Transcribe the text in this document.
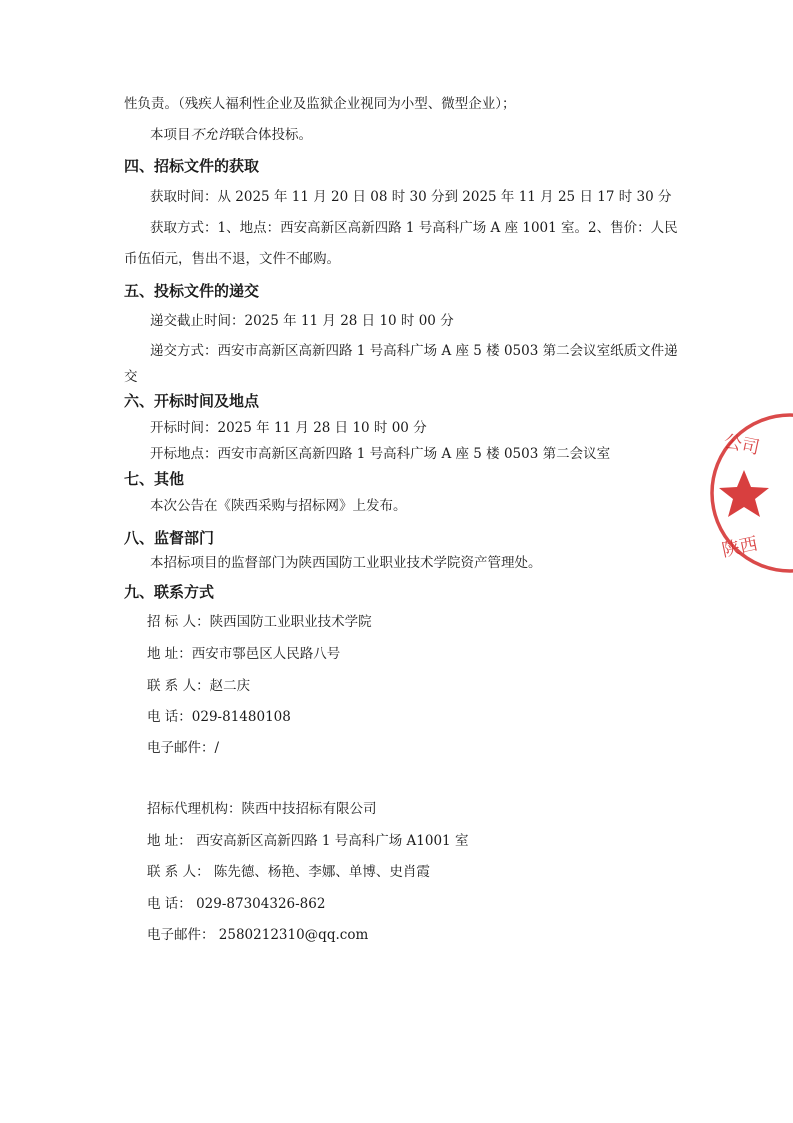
性负责。（残疾人福利性企业及监狱企业视同为小型、微型企业）；
本项目不允许联合体投标。
四、招标文件的获取
获取时间：从 2025 年 11 月 20 日 08 时 30 分到 2025 年 11 月 25 日 17 时 30 分
获取方式：1、地点：西安高新区高新四路 1 号高科广场 A 座 1001 室。2、售价：人民
币伍佰元，售出不退，文件不邮购。
五、投标文件的递交
递交截止时间：2025 年 11 月 28 日 10 时 00 分
递交方式：西安市高新区高新四路 1 号高科广场 A 座 5 楼 0503 第二会议室纸质文件递
交
六、开标时间及地点
开标时间：2025 年 11 月 28 日 10 时 00 分
开标地点：西安市高新区高新四路 1 号高科广场 A 座 5 楼 0503 第二会议室
七、其他
本次公告在《陕西采购与招标网》上发布。
八、监督部门
本招标项目的监督部门为陕西国防工业职业技术学院资产管理处。
九、联系方式
招 标 人：陕西国防工业职业技术学院
地 址：西安市鄠邑区人民路八号
联 系 人：赵二庆
电 话：029-81480108
电子邮件：/
招标代理机构：陕西中技招标有限公司
地 址： 西安高新区高新四路 1 号高科广场 A1001 室
联 系 人： 陈先德、杨艳、李娜、单博、史肖霞
电 话： 029-87304326-862
电子邮件： 2580212310@qq.com
公司
陕西
